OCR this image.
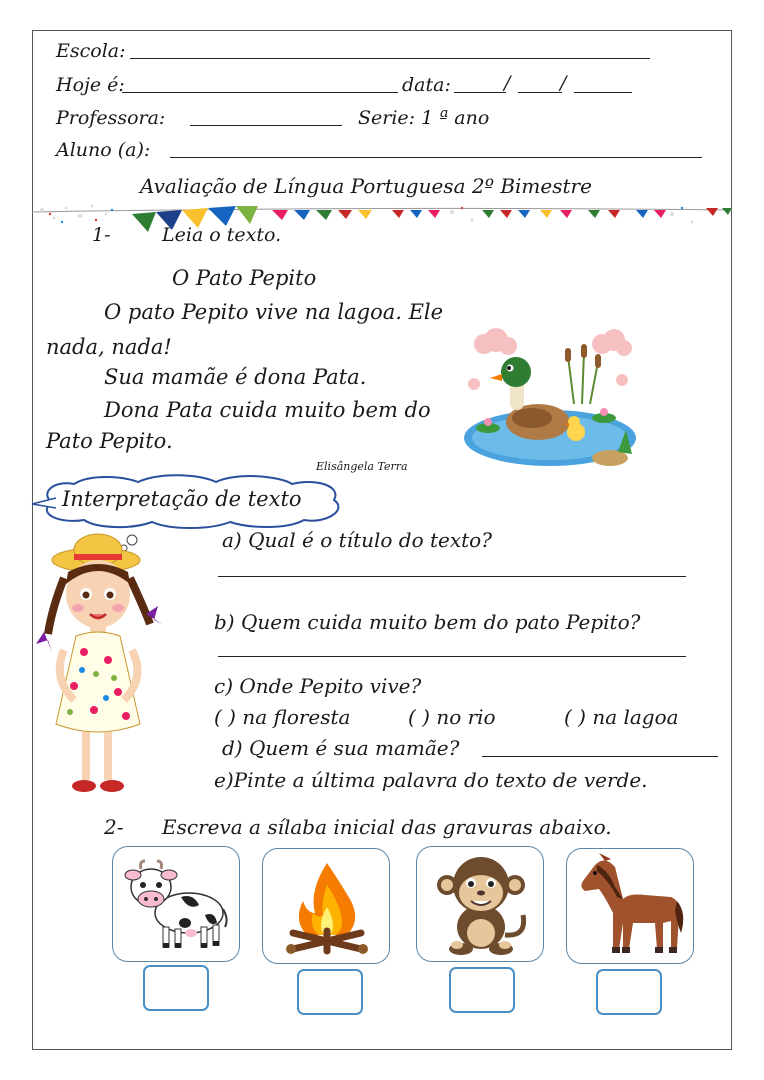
Escola:
Hoje é:	data:	/	/
Professora:	Serie: 1 ª ano
Aluno (a):
Avaliação de Língua Portuguesa 2º Bimestre
1-	Leia o texto.
O Pato Pepito
O pato Pepito vive na lagoa. Ele
nada, nada!
Sua mamãe é dona Pata.
Dona Pata cuida muito bem do
Pato Pepito.
Elisângela Terra
Interpretação de texto
a) Qual é o título do texto?
b) Quem cuida muito bem do pato Pepito?
c) Onde Pepito vive?
( ) na floresta	( ) no rio	( ) na lagoa
d) Quem é sua mamãe?
e)Pinte a última palavra do texto de verde.
2- Escreva a sílaba inicial das gravuras abaixo.
